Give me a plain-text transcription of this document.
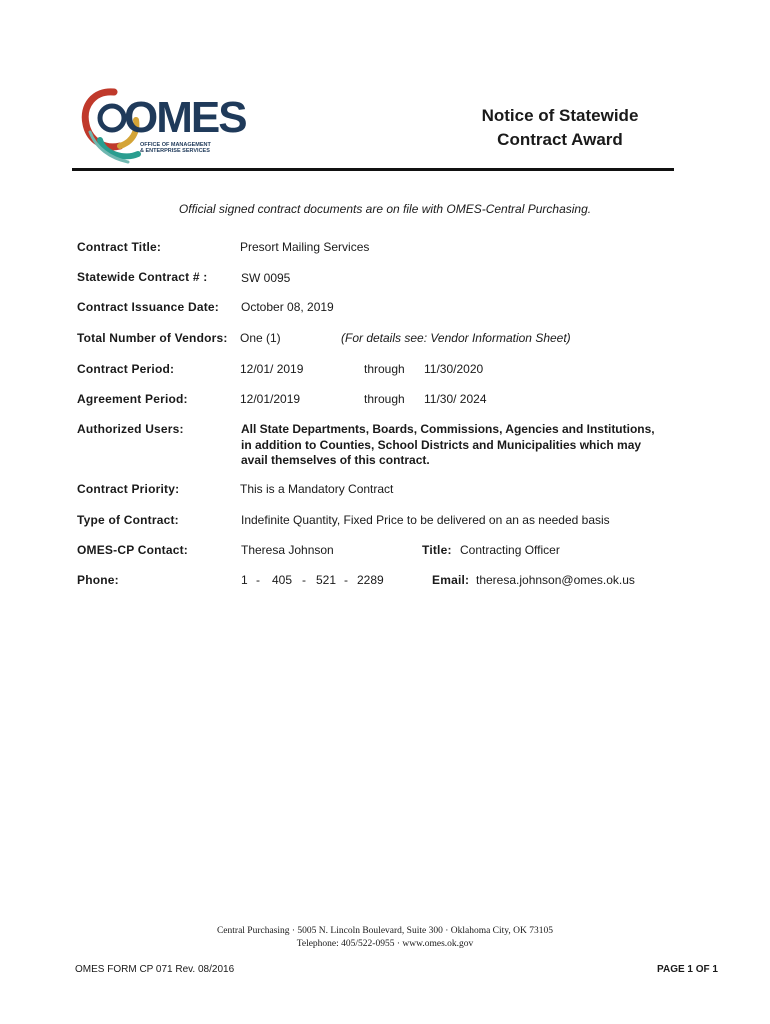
OMES
OFFICE OF MANAGEMENT
& ENTERPRISE SERVICES
Notice of Statewide
Contract Award
Official signed contract documents are on file with OMES-Central Purchasing.
Contract Title:	Presort Mailing Services
Statewide Contract # :	SW 0095
Contract Issuance Date: October 08, 2019
Total Number of Vendors: One (1)	(For details see: Vendor Information Sheet)
Contract Period:	12/01/ 2019	through 11/30/2020
Agreement Period:	12/01/2019	through 11/30/ 2024
Authorized Users:	All State Departments, Boards, Commissions, Agencies and Institutions,
in addition to Counties, School Districts and Municipalities which may
avail themselves of this contract.
Contract Priority:	This is a Mandatory Contract
Type of Contract:	Indefinite Quantity, Fixed Price to be delivered on an as needed basis
OMES-CP Contact:	Theresa Johnson	Title: Contracting Officer
Phone:	1 - 405 - 521 - 2289	Email: theresa.johnson@omes.ok.us
Central Purchasing · 5005 N. Lincoln Boulevard, Suite 300 · Oklahoma City, OK 73105
Telephone: 405/522-0955 · www.omes.ok.gov
OMES FORM CP 071 Rev. 08/2016	PAGE 1 OF 1
